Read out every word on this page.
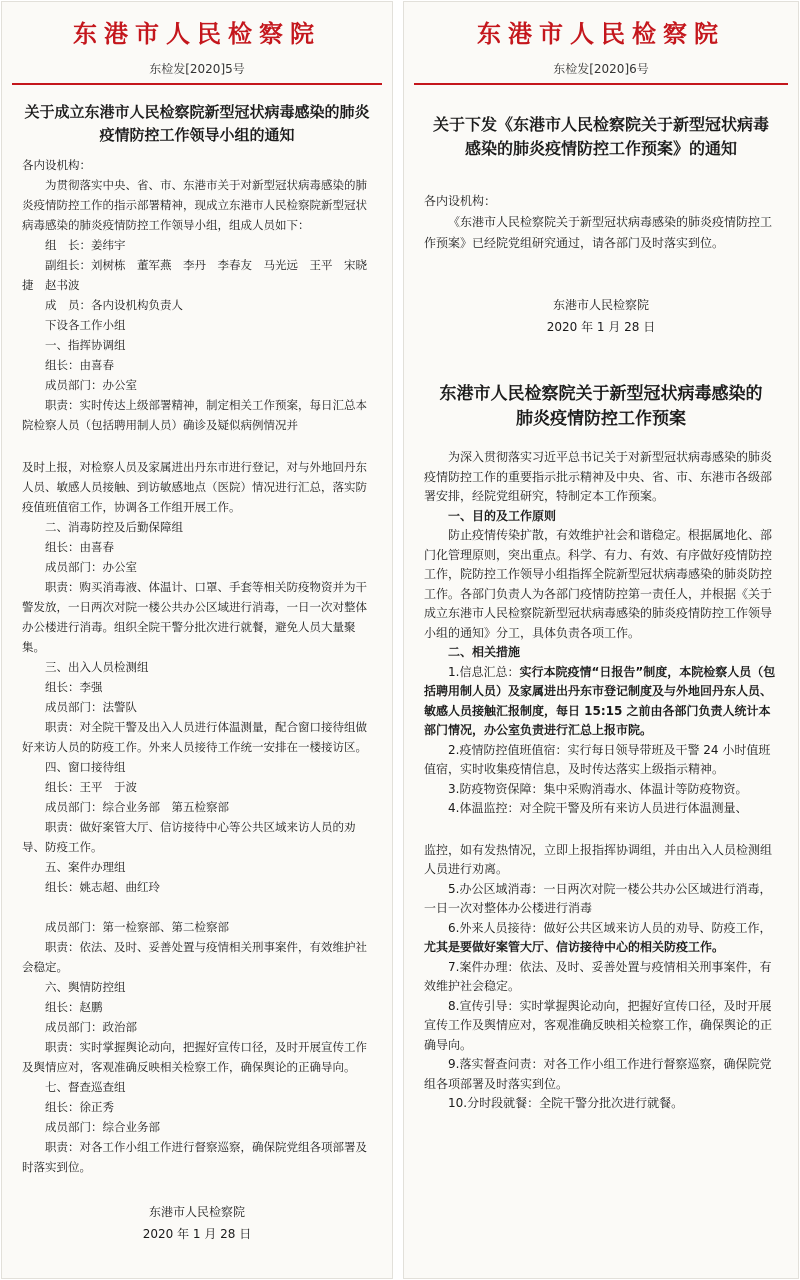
东港市人民检察院
东检发[2020]5号
关于成立东港市人民检察院新型冠状病毒感染的肺炎疫情防控工作领导小组的通知

各内设机构：

为贯彻落实中央、省、市、东港市关于对新型冠状病毒感染的肺炎疫情防控工作的指示部署精神，现成立东港市人民检察院新型冠状病毒感染的肺炎疫情防控工作领导小组，组成人员如下：

组　长：姜纬宇

副组长：刘树栋　董军燕　李丹　李春友　马光远　王平　宋晓捷　赵书波

成　员：各内设机构负责人

下设各工作小组

一、指挥协调组

组长：由喜春

成员部门：办公室

职责：实时传达上级部署精神，制定相关工作预案，每日汇总本院检察人员（包括聘用制人员）确诊及疑似病例情况并

及时上报，对检察人员及家属进出丹东市进行登记，对与外地回丹东人员、敏感人员接触、到访敏感地点（医院）情况进行汇总，落实防疫值班值宿工作，协调各工作组开展工作。

二、消毒防控及后勤保障组

组长：由喜春

成员部门：办公室

职责：购买消毒液、体温计、口罩、手套等相关防疫物资并为干警发放，一日两次对院一楼公共办公区域进行消毒，一日一次对整体办公楼进行消毒。组织全院干警分批次进行就餐，避免人员大量聚集。

三、出入人员检测组

组长：李强

成员部门：法警队

职责：对全院干警及出入人员进行体温测量，配合窗口接待组做好来访人员的防疫工作。外来人员接待工作统一安排在一楼接访区。

四、窗口接待组

组长：王平　于波

成员部门：综合业务部　第五检察部

职责：做好案管大厅、信访接待中心等公共区域来访人员的劝导、防疫工作。

五、案件办理组

组长：姚志超、曲红玲

成员部门：第一检察部、第二检察部

职责：依法、及时、妥善处置与疫情相关刑事案件，有效维护社会稳定。

六、舆情防控组

组长：赵鹏

成员部门：政治部

职责：实时掌握舆论动向，把握好宣传口径，及时开展宣传工作及舆情应对，客观准确反映相关检察工作，确保舆论的正确导向。

七、督查巡查组

组长：徐正秀

成员部门：综合业务部

职责：对各工作小组工作进行督察巡察，确保院党组各项部署及时落实到位。

东港市人民检察院
2020 年 1 月 28 日
东港市人民检察院
东检发[2020]6号
关于下发《东港市人民检察院关于新型冠状病毒感染的肺炎疫情防控工作预案》的通知

各内设机构：

《东港市人民检察院关于新型冠状病毒感染的肺炎疫情防控工作预案》已经院党组研究通过，请各部门及时落实到位。

东港市人民检察院
2020 年 1 月 28 日
东港市人民检察院关于新型冠状病毒感染的肺炎疫情防控工作预案

为深入贯彻落实习近平总书记关于对新型冠状病毒感染的肺炎疫情防控工作的重要指示批示精神及中央、省、市、东港市各级部署安排，经院党组研究，特制定本工作预案。

一、目的及工作原则

防止疫情传染扩散，有效维护社会和谐稳定。根据属地化、部门化管理原则，突出重点。科学、有力、有效、有序做好疫情防控工作，院防控工作领导小组指挥全院新型冠状病毒感染的肺炎防控工作。各部门负责人为各部门疫情防控第一责任人，并根据《关于成立东港市人民检察院新型冠状病毒感染的肺炎疫情防控工作领导小组的通知》分工，具体负责各项工作。

二、相关措施

1.信息汇总：实行本院疫情“日报告”制度，本院检察人员（包括聘用制人员）及家属进出丹东市登记制度及与外地回丹东人员、敏感人员接触汇报制度，每日 15:15 之前由各部门负责人统计本部门情况，办公室负责进行汇总上报市院。

2.疫情防控值班值宿：实行每日领导带班及干警 24 小时值班值宿，实时收集疫情信息，及时传达落实上级指示精神。

3.防疫物资保障：集中采购消毒水、体温计等防疫物资。

4.体温监控：对全院干警及所有来访人员进行体温测量、

监控，如有发热情况，立即上报指挥协调组，并由出入人员检测组人员进行劝离。

5.办公区域消毒：一日两次对院一楼公共办公区域进行消毒，一日一次对整体办公楼进行消毒

6.外来人员接待：做好公共区域来访人员的劝导、防疫工作，

尤其是要做好案管大厅、信访接待中心的相关防疫工作。

7.案件办理：依法、及时、妥善处置与疫情相关刑事案件，有效维护社会稳定。

8.宣传引导：实时掌握舆论动向，把握好宣传口径，及时开展宣传工作及舆情应对，客观准确反映相关检察工作，确保舆论的正确导向。

9.落实督查问责：对各工作小组工作进行督察巡察，确保院党组各项部署及时落实到位。

10.分时段就餐：全院干警分批次进行就餐。
